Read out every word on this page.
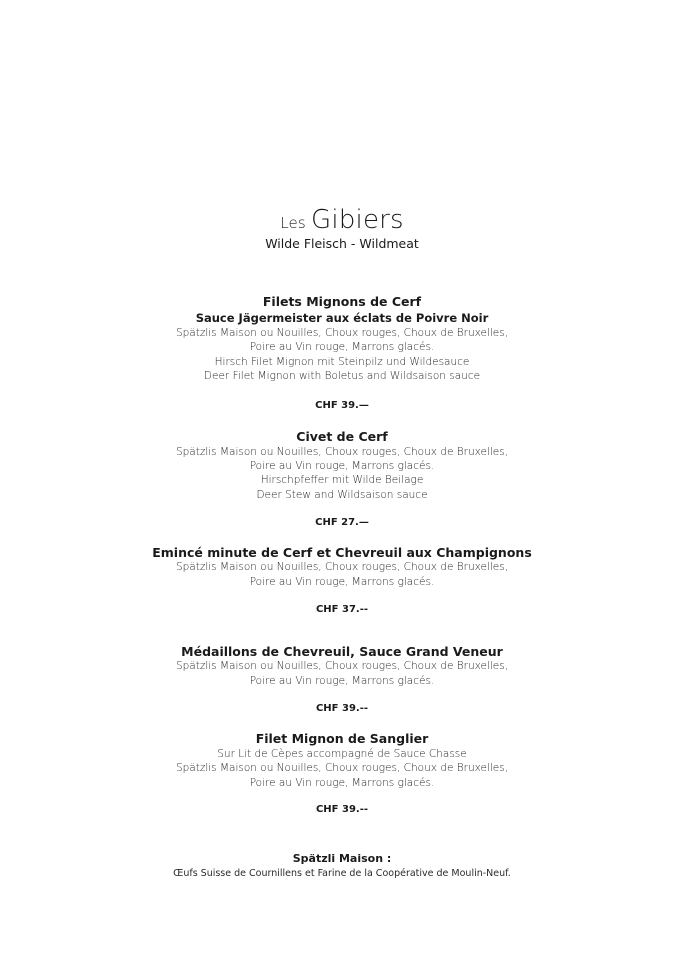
Les Gibiers
Wilde Fleisch - Wildmeat
Filets Mignons de Cerf
Sauce Jägermeister aux éclats de Poivre Noir
Spätzlis Maison ou Nouilles, Choux rouges, Choux de Bruxelles,
Poire au Vin rouge, Marrons glacés.
Hirsch Filet Mignon mit Steinpilz und Wildesauce
Deer Filet Mignon with Boletus and Wildsaison sauce
CHF 39.—
Civet de Cerf
Spätzlis Maison ou Nouilles, Choux rouges, Choux de Bruxelles,
Poire au Vin rouge, Marrons glacés.
Hirschpfeffer mit Wilde Beilage
Deer Stew and Wildsaison sauce
CHF 27.—
Emincé minute de Cerf et Chevreuil aux Champignons
Spätzlis Maison ou Nouilles, Choux rouges, Choux de Bruxelles,
Poire au Vin rouge, Marrons glacés.
CHF 37.--
Médaillons de Chevreuil, Sauce Grand Veneur
Spätzlis Maison ou Nouilles, Choux rouges, Choux de Bruxelles,
Poire au Vin rouge, Marrons glacés.
CHF 39.--
Filet Mignon de Sanglier
Sur Lit de Cèpes accompagné de Sauce Chasse
Spätzlis Maison ou Nouilles, Choux rouges, Choux de Bruxelles,
Poire au Vin rouge, Marrons glacés.
CHF 39.--
Spätzli Maison :
Œufs Suisse de Cournillens et Farine de la Coopérative de Moulin-Neuf.
